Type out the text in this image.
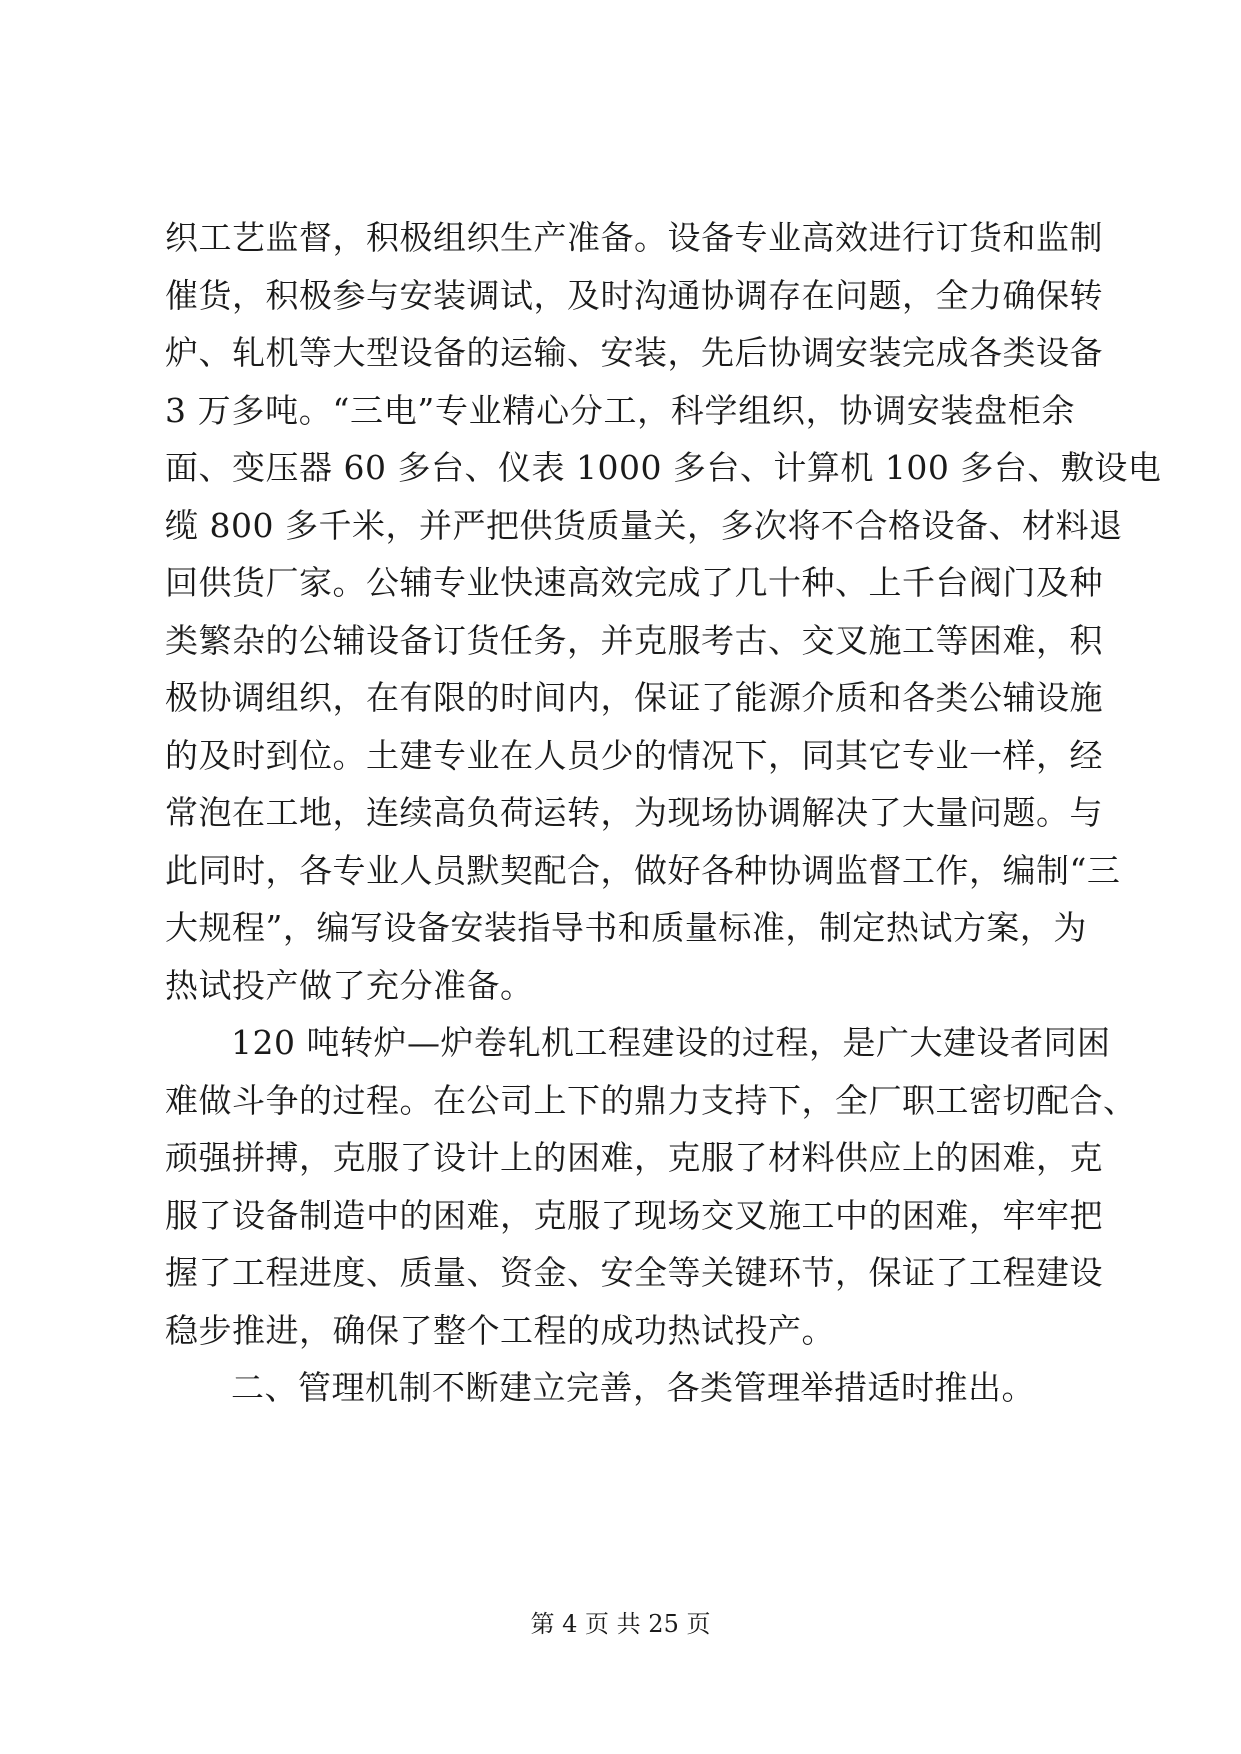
织工艺监督，积极组织生产准备。设备专业高效进行订货和监制
催货，积极参与安装调试，及时沟通协调存在问题，全力确保转
炉、轧机等大型设备的运输、安装，先后协调安装完成各类设备
3 万多吨。“三电”专业精心分工，科学组织，协调安装盘柜余
面、变压器 60 多台、仪表 1000 多台、计算机 100 多台、敷设电
缆 800 多千米，并严把供货质量关，多次将不合格设备、材料退
回供货厂家。公辅专业快速高效完成了几十种、上千台阀门及种
类繁杂的公辅设备订货任务，并克服考古、交叉施工等困难，积
极协调组织，在有限的时间内，保证了能源介质和各类公辅设施
的及时到位。土建专业在人员少的情况下，同其它专业一样，经
常泡在工地，连续高负荷运转，为现场协调解决了大量问题。与
此同时，各专业人员默契配合，做好各种协调监督工作，编制“三
大规程”，编写设备安装指导书和质量标准，制定热试方案，为
热试投产做了充分准备。
120 吨转炉—炉卷轧机工程建设的过程，是广大建设者同困
难做斗争的过程。在公司上下的鼎力支持下，全厂职工密切配合、
顽强拼搏，克服了设计上的困难，克服了材料供应上的困难，克
服了设备制造中的困难，克服了现场交叉施工中的困难，牢牢把
握了工程进度、质量、资金、安全等关键环节，保证了工程建设
稳步推进，确保了整个工程的成功热试投产。
二、管理机制不断建立完善，各类管理举措适时推出。
第 4 页 共 25 页
